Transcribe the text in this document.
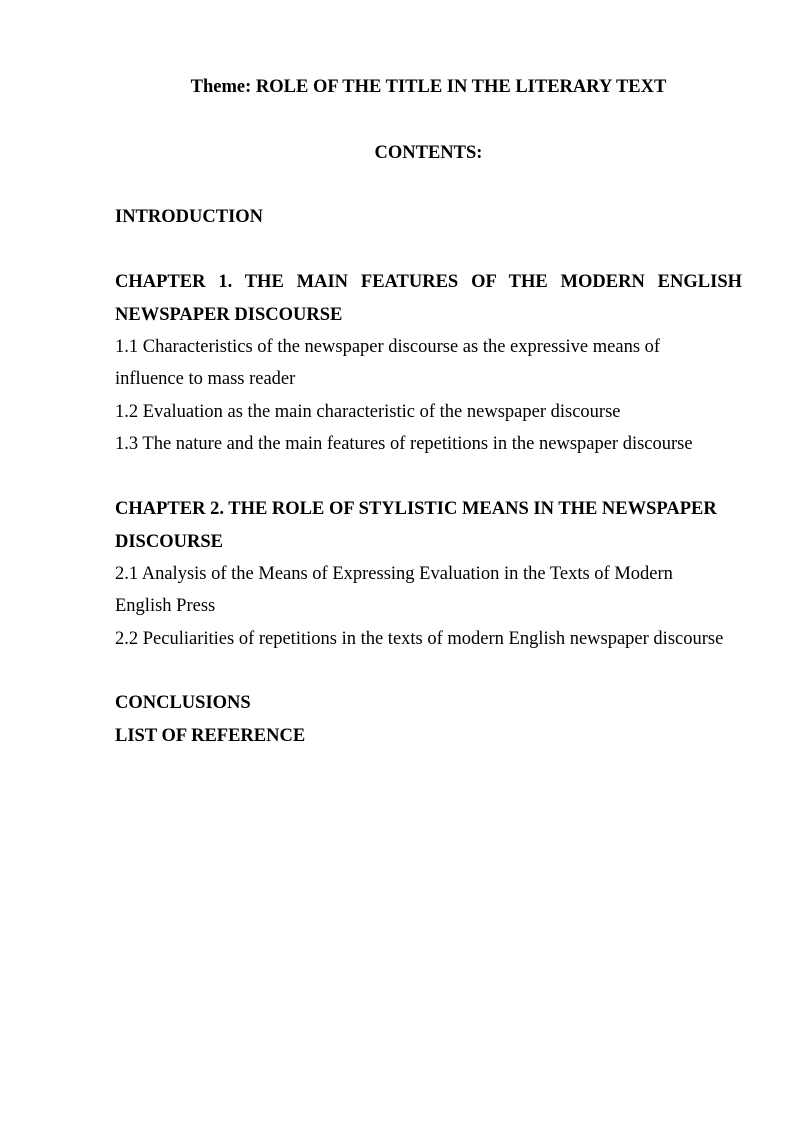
Theme: ROLE OF THE TITLE IN THE LITERARY TEXT
CONTENTS:
INTRODUCTION
CHAPTER 1. THE MAIN FEATURES OF THE MODERN ENGLISH
NEWSPAPER DISCOURSE
1.1 Characteristics of the newspaper discourse as the expressive means of
influence to mass reader
1.2 Evaluation as the main characteristic of the newspaper discourse
1.3 The nature and the main features of repetitions in the newspaper discourse
CHAPTER 2. THE ROLE OF STYLISTIC MEANS IN THE NEWSPAPER
DISCOURSE
2.1 Analysis of the Means of Expressing Evaluation in the Texts of Modern
English Press
2.2 Peculiarities of repetitions in the texts of modern English newspaper discourse
CONCLUSIONS
LIST OF REFERENCE
